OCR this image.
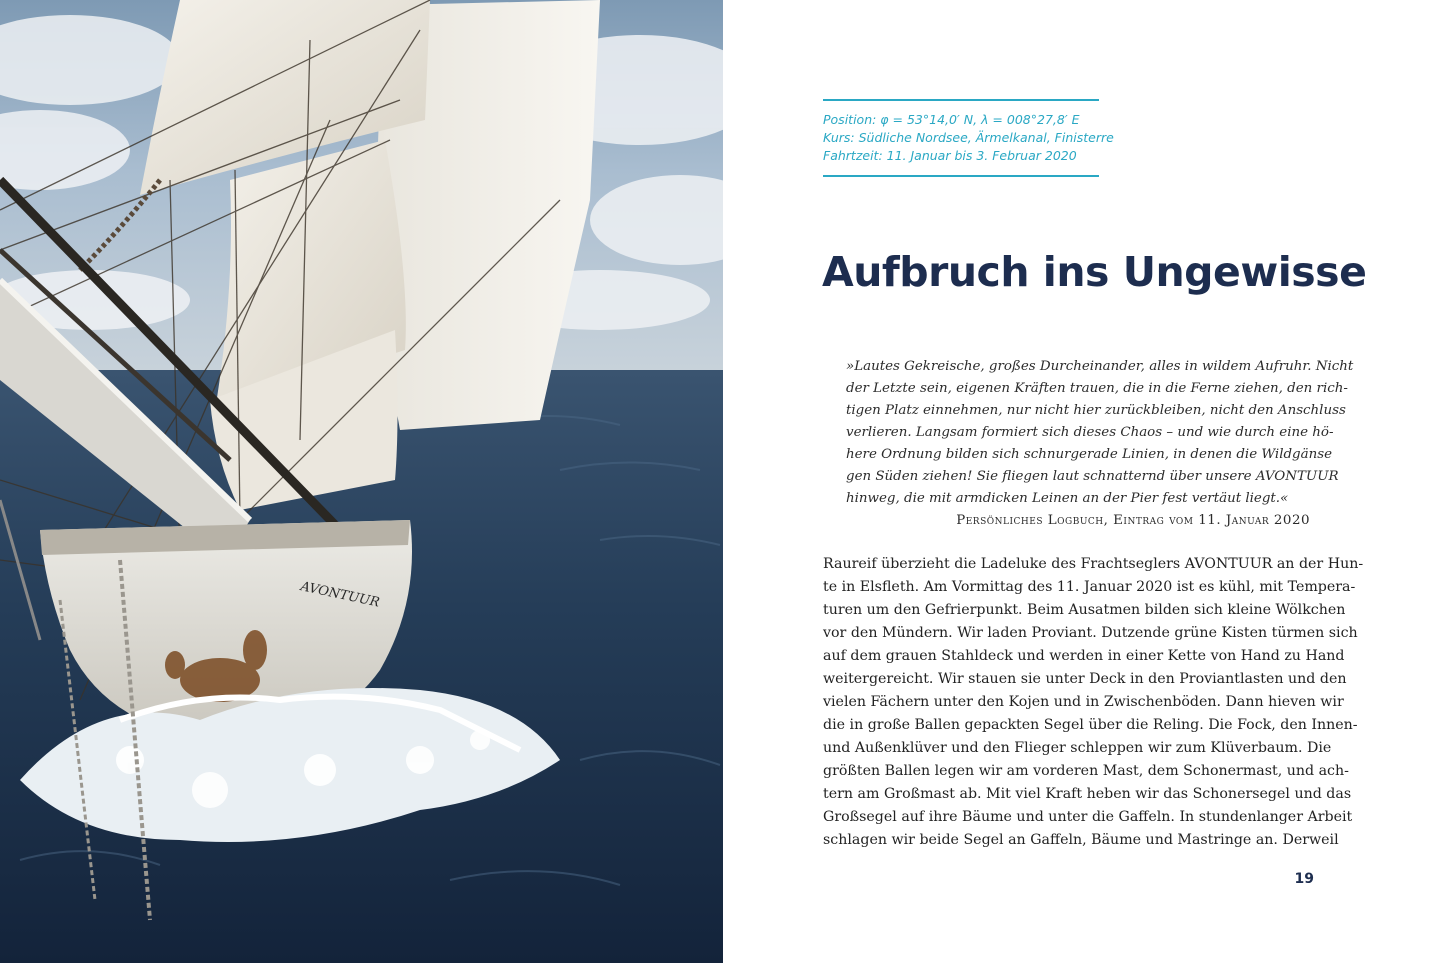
AVONTUUR
Position: φ = 53°14,0′ N, λ = 008°27,8′ E
Kurs: Südliche Nordsee, Ärmelkanal, Finisterre
Fahrtzeit: 11. Januar bis 3. Februar 2020
Aufbruch ins Ungewisse
»Lautes Gekreische, großes Durcheinander, alles in wildem Aufruhr. Nicht
der Letzte sein, eigenen Kräften trauen, die in die Ferne ziehen, den rich-
tigen Platz einnehmen, nur nicht hier zurückbleiben, nicht den Anschluss
verlieren. Langsam formiert sich dieses Chaos – und wie durch eine hö-
here Ordnung bilden sich schnurgerade Linien, in denen die Wildgänse
gen Süden ziehen! Sie fliegen laut schnatternd über unsere AVONTUUR
hinweg, die mit armdicken Leinen an der Pier fest vertäut liegt.«
Persönliches Logbuch, Eintrag vom 11. Januar 2020
Raureif überzieht die Ladeluke des Frachtseglers AVONTUUR an der Hun-
te in Elsfleth. Am Vormittag des 11. Januar 2020 ist es kühl, mit Tempera-
turen um den Gefrierpunkt. Beim Ausatmen bilden sich kleine Wölkchen
vor den Mündern. Wir laden Proviant. Dutzende grüne Kisten türmen sich
auf dem grauen Stahldeck und werden in einer Kette von Hand zu Hand
weitergereicht. Wir stauen sie unter Deck in den Proviantlasten und den
vielen Fächern unter den Kojen und in Zwischenböden. Dann hieven wir
die in große Ballen gepackten Segel über die Reling. Die Fock, den Innen-
und Außenklüver und den Flieger schleppen wir zum Klüverbaum. Die
größten Ballen legen wir am vorderen Mast, dem Schonermast, und ach-
tern am Großmast ab. Mit viel Kraft heben wir das Schonersegel und das
Großsegel auf ihre Bäume und unter die Gaffeln. In stundenlanger Arbeit
schlagen wir beide Segel an Gaffeln, Bäume und Mastringe an. Derweil
19
